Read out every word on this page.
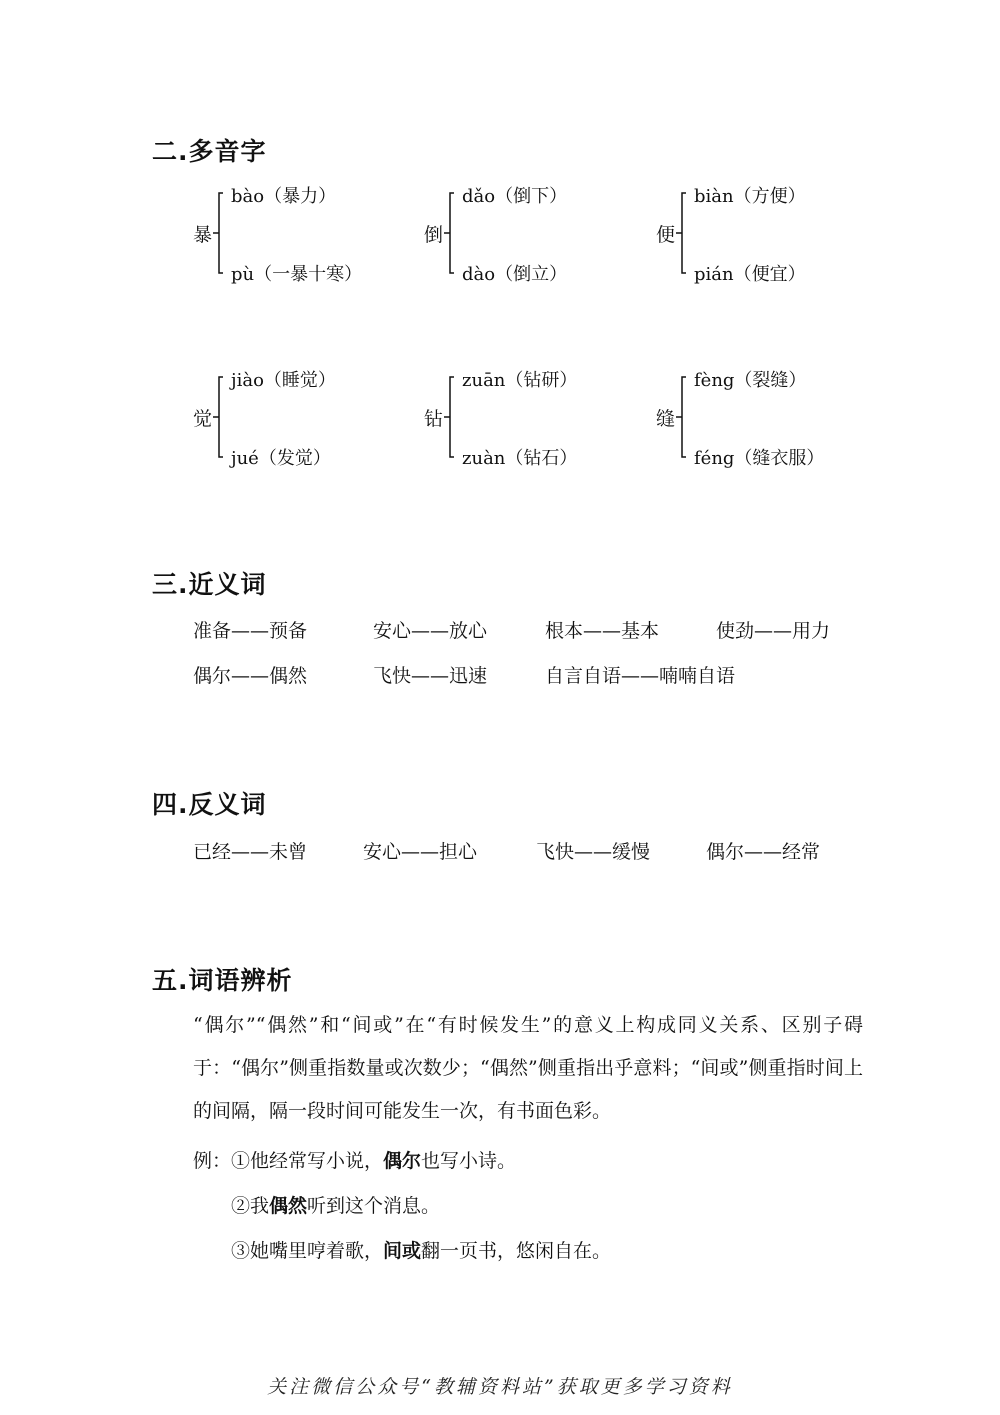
二.多音字
暴
bào（暴力）
pù（一暴十寒）
倒
dǎo（倒下）
dào（倒立）
便
biàn（方便）
pián（便宜）
觉
jiào（睡觉）
jué（发觉）
钻
zuān（钻研）
zuàn（钻石）
缝
fèng（裂缝）
féng（缝衣服）
三.近义词
准备——预备	安心——放心	根本——基本	使劲——用力
偶尔——偶然	飞快——迅速	自言自语——喃喃自语
四.反义词
已经——未曾	安心——担心	飞快——缓慢	偶尔——经常
五.词语辨析
“偶尔”“偶然”和“间或”在“有时候发生”的意义上构成同义关系、区别子碍于：“偶尔”侧重指数量或次数少；“偶然”侧重指出乎意料；“间或”侧重指时间上的间隔，隔一段时间可能发生一次，有书面色彩。
例：①他经常写小说，偶尔也写小诗。
②我偶然听到这个消息。
③她嘴里哼着歌，间或翻一页书，悠闲自在。
关注微信公众号“教辅资料站”获取更多学习资料
